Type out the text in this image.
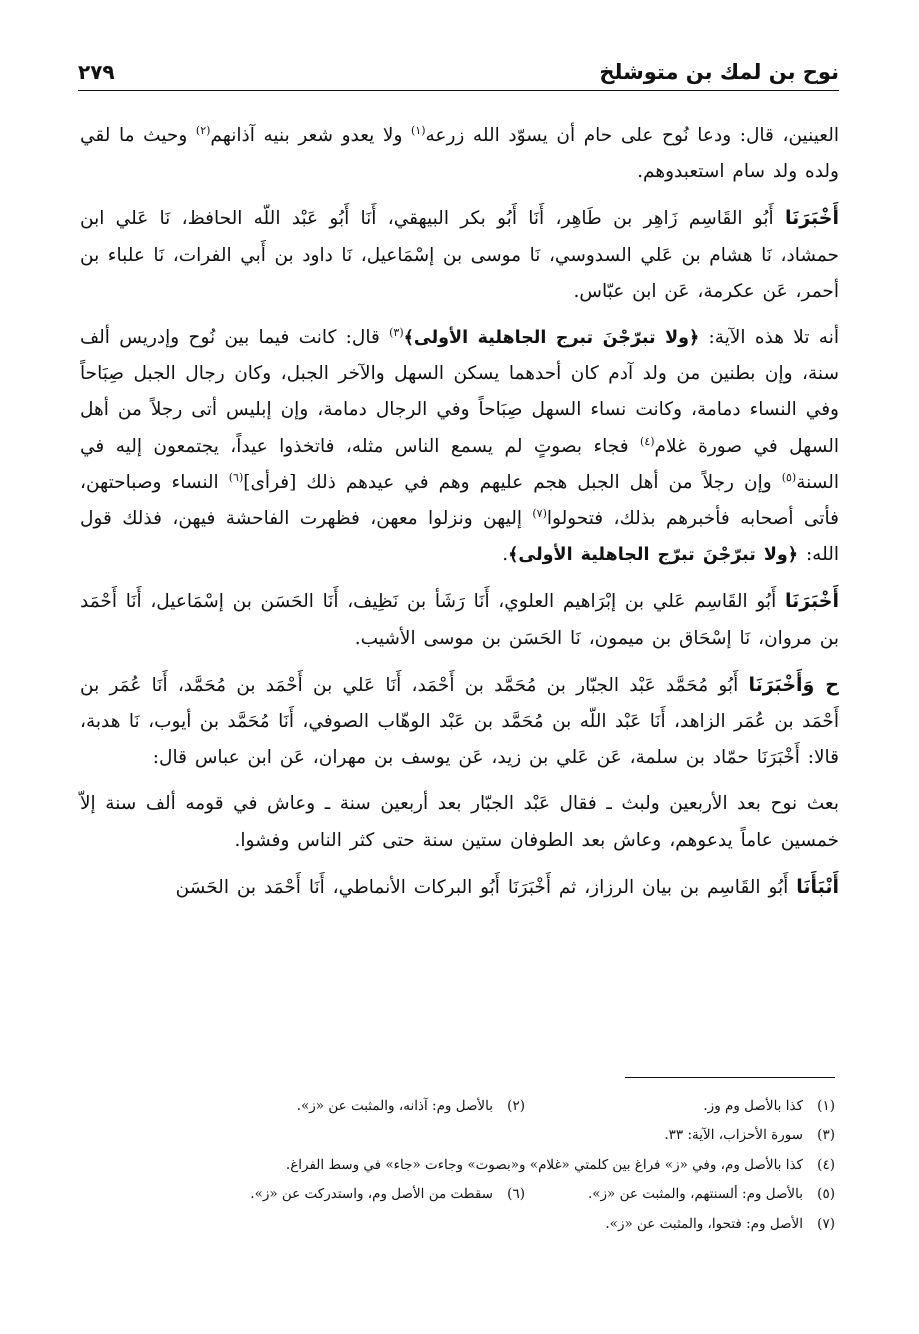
نوح بن لمك بن متوشلخ
٢٧٩

العينين، قال: ودعا نُوح على حام أن يسوّد الله زرعه$^{(١)}$ ولا يعدو شعر بنيه آذانهم$^{(٢)}$ وحيث ما لقي ولده ولد سام استعبدوهم.

أَخْبَرَنَا أَبُو القَاسِم زَاهِر بن طَاهِر، أَنَا أَبُو بكر البيهقي، أَنَا أَبُو عَبْد اللّه الحافظ، نَا عَلي ابن حمشاد، نَا هشام بن عَلي السدوسي، نَا موسى بن إسْمَاعيل، نَا داود بن أَبي الفرات، نَا علباء بن أحمر، عَن عكرمة، عَن ابن عبّاس.

أنه تلا هذه الآية: ﴿ولا تبرّجْنَ تبرج الجاهلية الأولى﴾$^{(٣)}$ قال: كانت فيما بين نُوح وإدريس ألف سنة، وإن بطنين من ولد آدم كان أحدهما يسكن السهل والآخر الجبل، وكان رجال الجبل صِبَاحاً وفي النساء دمامة، وكانت نساء السهل صِبَاحاً وفي الرجال دمامة، وإن إبليس أتى رجلاً من أهل السهل في صورة غلام$^{(٤)}$ فجاء بصوتٍ لم يسمع الناس مثله، فاتخذوا عيداً، يجتمعون إليه في السنة$^{(٥)}$ وإن رجلاً من أهل الجبل هجم عليهم وهم في عيدهم ذلك [فرأى]$^{(٦)}$ النساء وصباحتهن، فأتى أصحابه فأخبرهم بذلك، فتحولوا$^{(٧)}$ إليهن ونزلوا معهن، فظهرت الفاحشة فيهن، فذلك قول الله: ﴿ولا تبرّجْنَ تبرّج الجاهلية الأولى﴾.

أَخْبَرَنَا أَبُو القَاسِم عَلي بن إبْرَاهيم العلوي، أَنَا رَشَأ بن نَظِيف، أَنَا الحَسَن بن إسْمَاعيل، أَنَا أَحْمَد بن مروان، نَا إسْحَاق بن ميمون، نَا الحَسَن بن موسى الأشيب.

ح وَأَخْبَرَنَا أَبُو مُحَمَّد عَبْد الجبّار بن مُحَمَّد بن أَحْمَد، أَنَا عَلي بن أَحْمَد بن مُحَمَّد، أَنَا عُمَر بن أَحْمَد بن عُمَر الزاهد، أَنَا عَبْد اللّه بن مُحَمَّد بن عَبْد الوهّاب الصوفي، أَنَا مُحَمَّد بن أيوب، نَا هدبة، قالا: أَخْبَرَنَا حمّاد بن سلمة، عَن عَلي بن زيد، عَن يوسف بن مهران، عَن ابن عباس قال:

بعث نوح بعد الأربعين ولبث ـ فقال عَبْد الجبّار بعد أربعين سنة ـ وعاش في قومه ألف سنة إلاّ خمسين عاماً يدعوهم، وعاش بعد الطوفان ستين سنة حتى كثر الناس وفشوا.

أَنْبَأَنَا أَبُو القَاسِم بن بيان الرزاز، ثم أَخْبَرَنَا أَبُو البركات الأنماطي، أَنَا أَحْمَد بن الحَسَن

(١)
كذا بالأصل وم وز.
(٢)
بالأصل وم: آذانه، والمثبت عن «ز».
(٣)
سورة الأحزاب، الآية: ٣٣.
(٤)
كذا بالأصل وم، وفي «ز» فراغ بين كلمتي «غلام» و«بصوت» وجاءت «جاء» في وسط الفراغ.
(٥)
بالأصل وم: ألسنتهم، والمثبت عن «ز».
(٦)
سقطت من الأصل وم، واستدركت عن «ز».
(٧)
الأصل وم: فتحوا، والمثبت عن «ز».
